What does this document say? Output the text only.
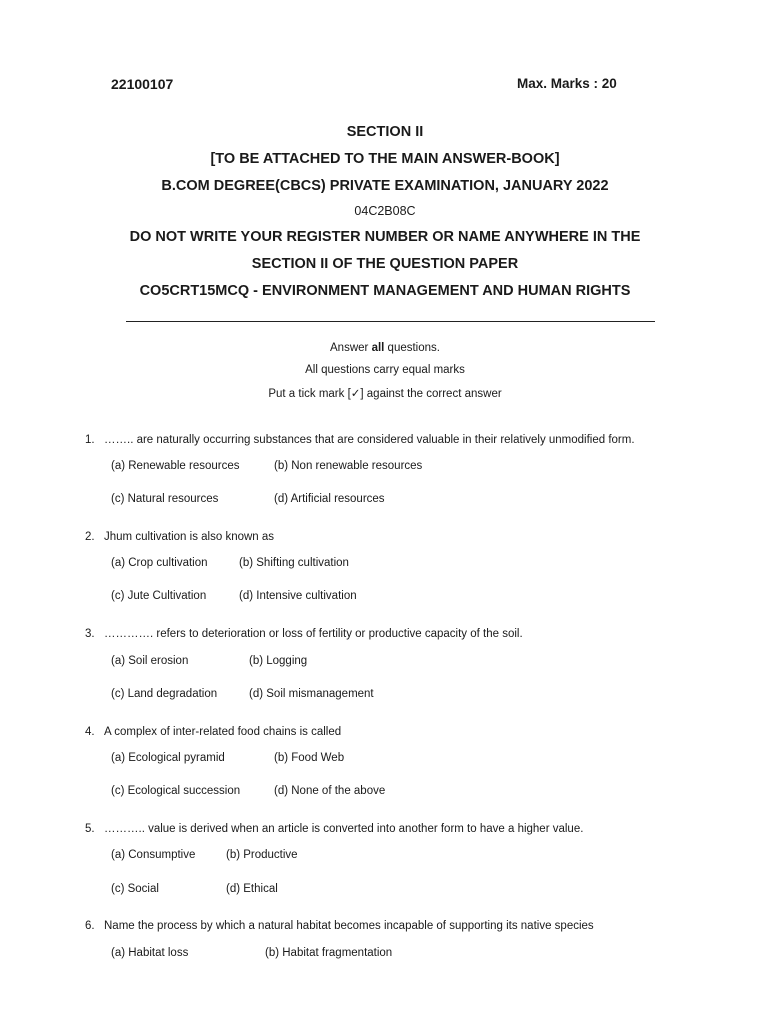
22100107	Max. Marks : 20
SECTION II
[TO BE ATTACHED TO THE MAIN ANSWER-BOOK]
B.COM DEGREE(CBCS) PRIVATE EXAMINATION, JANUARY 2022
04C2B08C
DO NOT WRITE YOUR REGISTER NUMBER OR NAME ANYWHERE IN THE
SECTION II OF THE QUESTION PAPER
CO5CRT15MCQ - ENVIRONMENT MANAGEMENT AND HUMAN RIGHTS
Answer all questions.
All questions carry equal marks
Put a tick mark [✓] against the correct answer
1. …….. are naturally occurring substances that are considered valuable in their relatively unmodified form.
(a) Renewable resources	(b) Non renewable resources
(c) Natural resources	(d) Artificial resources
2. Jhum cultivation is also known as
(a) Crop cultivation	(b) Shifting cultivation
(c) Jute Cultivation	(d) Intensive cultivation
3. …………. refers to deterioration or loss of fertility or productive capacity of the soil.
(a) Soil erosion	(b) Logging
(c) Land degradation	(d) Soil mismanagement
4. A complex of inter-related food chains is called
(a) Ecological pyramid	(b) Food Web
(c) Ecological succession	(d) None of the above
5. ……….. value is derived when an article is converted into another form to have a higher value.
(a) Consumptive	(b) Productive
(c) Social	(d) Ethical
6. Name the process by which a natural habitat becomes incapable of supporting its native species
(a) Habitat loss	(b) Habitat fragmentation
